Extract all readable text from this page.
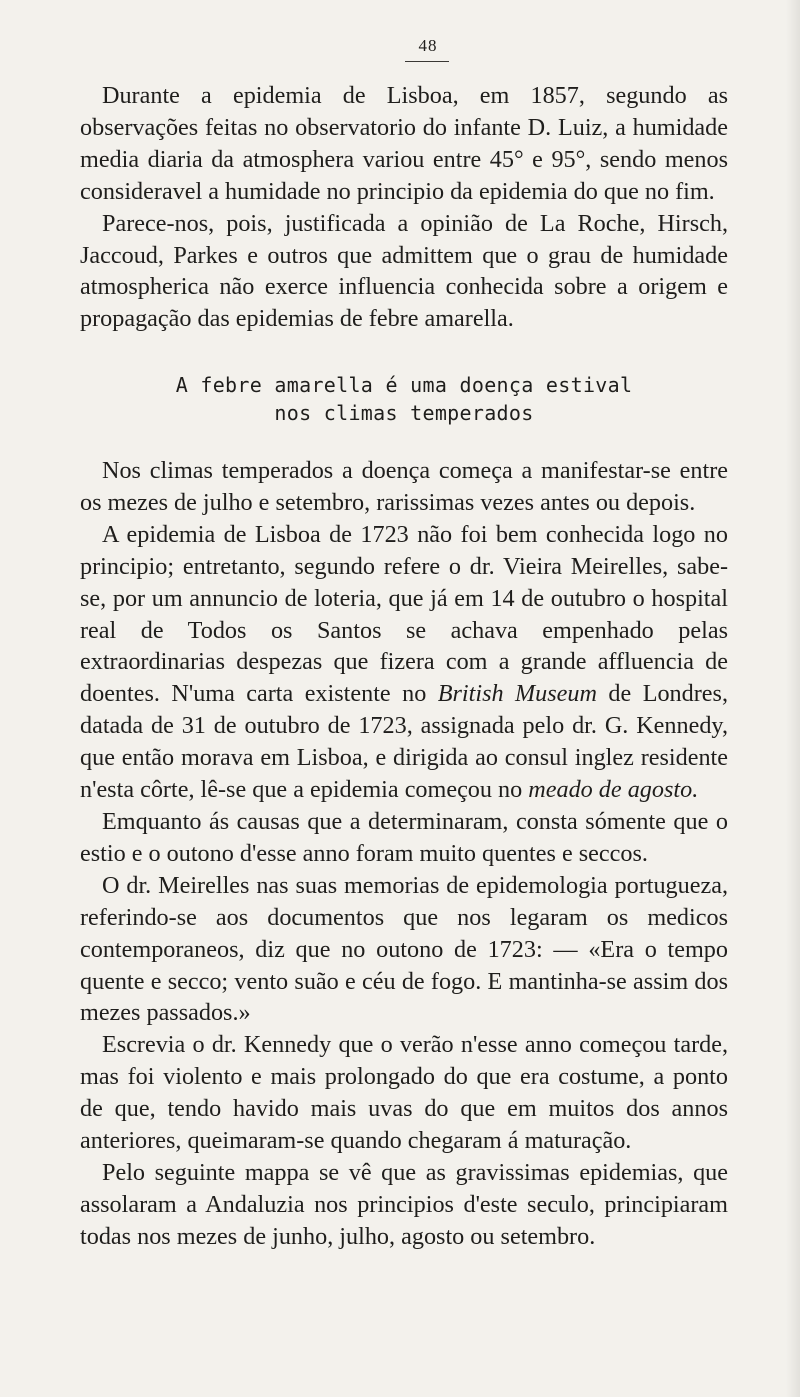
48

Durante a epidemia de Lisboa, em 1857, segundo as observações feitas no observatorio do infante D. Luiz, a humidade media diaria da atmosphera variou entre 45° e 95°, sendo menos consideravel a humidade no principio da epidemia do que no fim.

Parece-nos, pois, justificada a opinião de La Roche, Hirsch, Jaccoud, Parkes e outros que admittem que o grau de humidade atmospherica não exerce influencia conhecida sobre a origem e propagação das epidemias de febre amarella.

A febre amarella é uma doença estival
nos climas temperados

Nos climas temperados a doença começa a manifestar-se entre os mezes de julho e setembro, rarissimas vezes antes ou depois.

A epidemia de Lisboa de 1723 não foi bem conhecida logo no principio; entretanto, segundo refere o dr. Vieira Meirelles, sabe-se, por um annuncio de loteria, que já em 14 de outubro o hospital real de Todos os Santos se achava empenhado pelas extraordinarias despezas que fizera com a grande affluencia de doentes. N'uma carta existente no British Museum de Londres, datada de 31 de outubro de 1723, assignada pelo dr. G. Kennedy, que então morava em Lisboa, e dirigida ao consul inglez residente n'esta côrte, lê-se que a epidemia começou no meado de agosto.

Emquanto ás causas que a determinaram, consta sómente que o estio e o outono d'esse anno foram muito quentes e seccos.

O dr. Meirelles nas suas memorias de epidemologia portugueza, referindo-se aos documentos que nos legaram os medicos contemporaneos, diz que no outono de 1723: — «Era o tempo quente e secco; vento suão e céu de fogo. E mantinha-se assim dos mezes passados.»

Escrevia o dr. Kennedy que o verão n'esse anno começou tarde, mas foi violento e mais prolongado do que era costume, a ponto de que, tendo havido mais uvas do que em muitos dos annos anteriores, queimaram-se quando chegaram á maturação.

Pelo seguinte mappa se vê que as gravissimas epidemias, que assolaram a Andaluzia nos principios d'este seculo, principiaram todas nos mezes de junho, julho, agosto ou setembro.
